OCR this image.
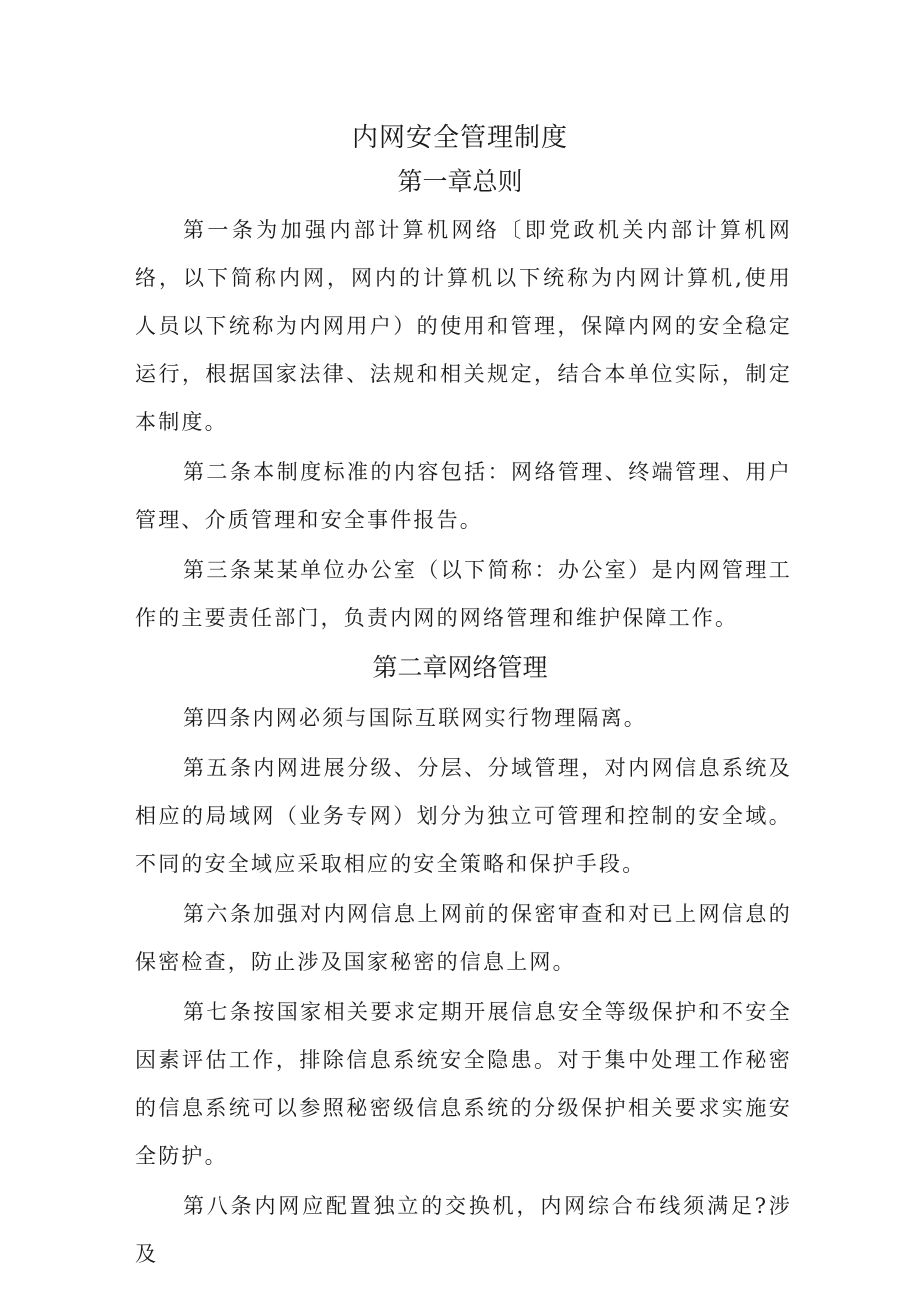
内网安全管理制度
第一章总则

第一条为加强内部计算机网络〔即党政机关内部计算机网络，以下简称内网，网内的计算机以下统称为内网计算机,使用人员以下统称为内网用户）的使用和管理，保障内网的安全稳定运行，根据国家法律、法规和相关规定，结合本单位实际，制定本制度。

第二条本制度标准的内容包括：网络管理、终端管理、用户管理、介质管理和安全事件报告。

第三条某某单位办公室（以下简称：办公室）是内网管理工作的主要责任部门，负责内网的网络管理和维护保障工作。

第二章网络管理

第四条内网必须与国际互联网实行物理隔离。

第五条内网进展分级、分层、分域管理，对内网信息系统及相应的局域网（业务专网）划分为独立可管理和控制的安全域。不同的安全域应采取相应的安全策略和保护手段。

第六条加强对内网信息上网前的保密审查和对已上网信息的保密检查，防止涉及国家秘密的信息上网。

第七条按国家相关要求定期开展信息安全等级保护和不安全因素评估工作，排除信息系统安全隐患。对于集中处理工作秘密的信息系统可以参照秘密级信息系统的分级保护相关要求实施安全防护。

第八条内网应配置独立的交换机，内网综合布线须满足?涉及
